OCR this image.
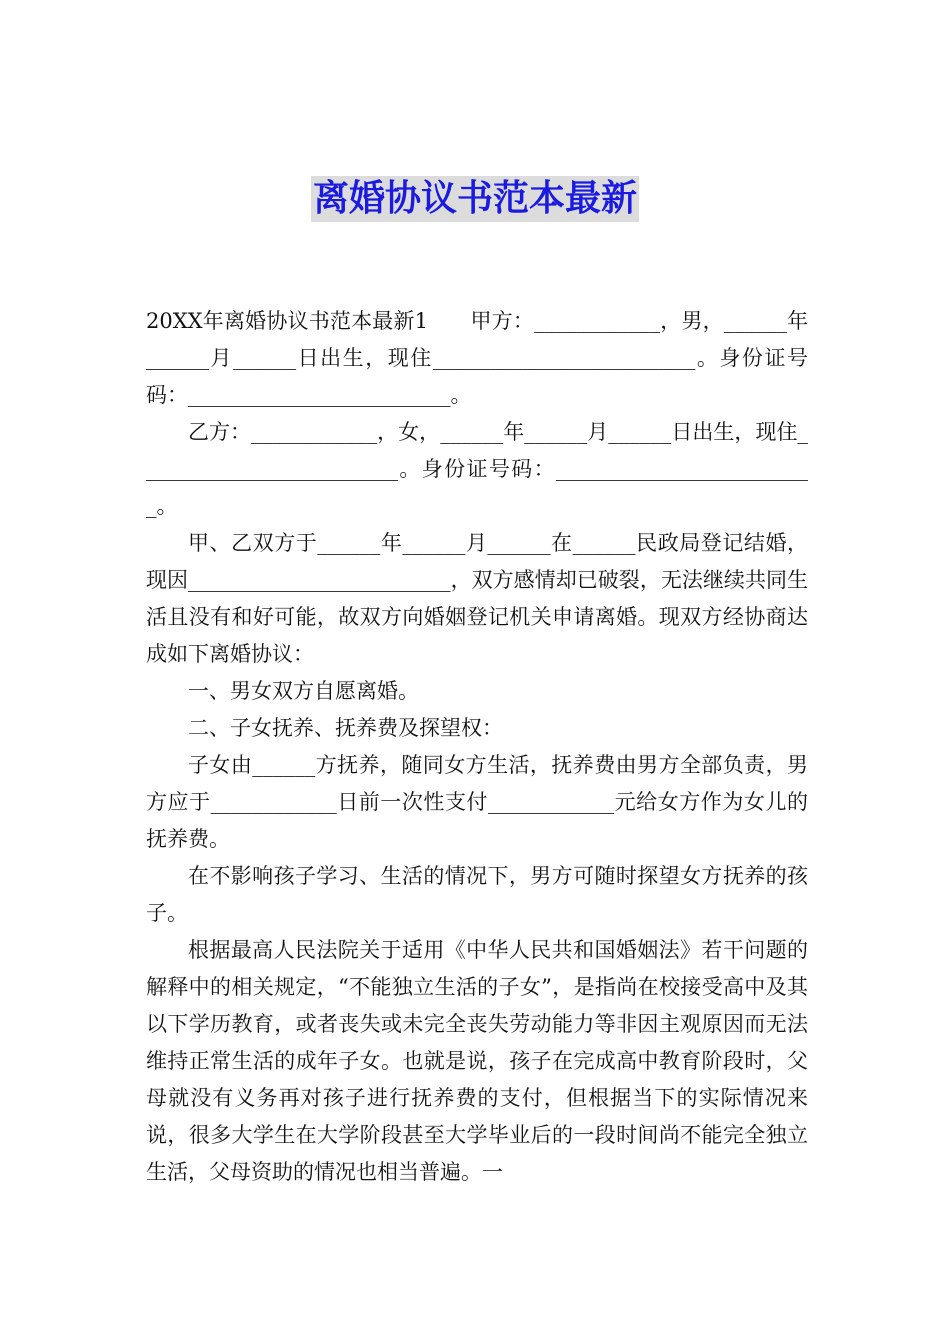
离婚协议书范本最新

20XX年离婚协议书范本最新1　　甲方：____________，男，______年______月______日出生，现住_________________________。身份证号码：_________________________。

乙方：____________，女，______年______月______日出生，现住_________________________。身份证号码：_________________________。

甲、乙双方于______年______月______在______民政局登记结婚，现因_________________________，双方感情却已破裂，无法继续共同生活且没有和好可能，故双方向婚姻登记机关申请离婚。现双方经协商达成如下离婚协议：

一、男女双方自愿离婚。

二、子女抚养、抚养费及探望权：

子女由______方抚养，随同女方生活，抚养费由男方全部负责，男方应于____________日前一次性支付____________元给女方作为女儿的抚养费。

在不影响孩子学习、生活的情况下，男方可随时探望女方抚养的孩子。

根据最高人民法院关于适用《中华人民共和国婚姻法》若干问题的解释中的相关规定，“不能独立生活的子女”，是指尚在校接受高中及其以下学历教育，或者丧失或未完全丧失劳动能力等非因主观原因而无法维持正常生活的成年子女。也就是说，孩子在完成高中教育阶段时，父母就没有义务再对孩子进行抚养费的支付，但根据当下的实际情况来说，很多大学生在大学阶段甚至大学毕业后的一段时间尚不能完全独立生活，父母资助的情况也相当普遍。一
